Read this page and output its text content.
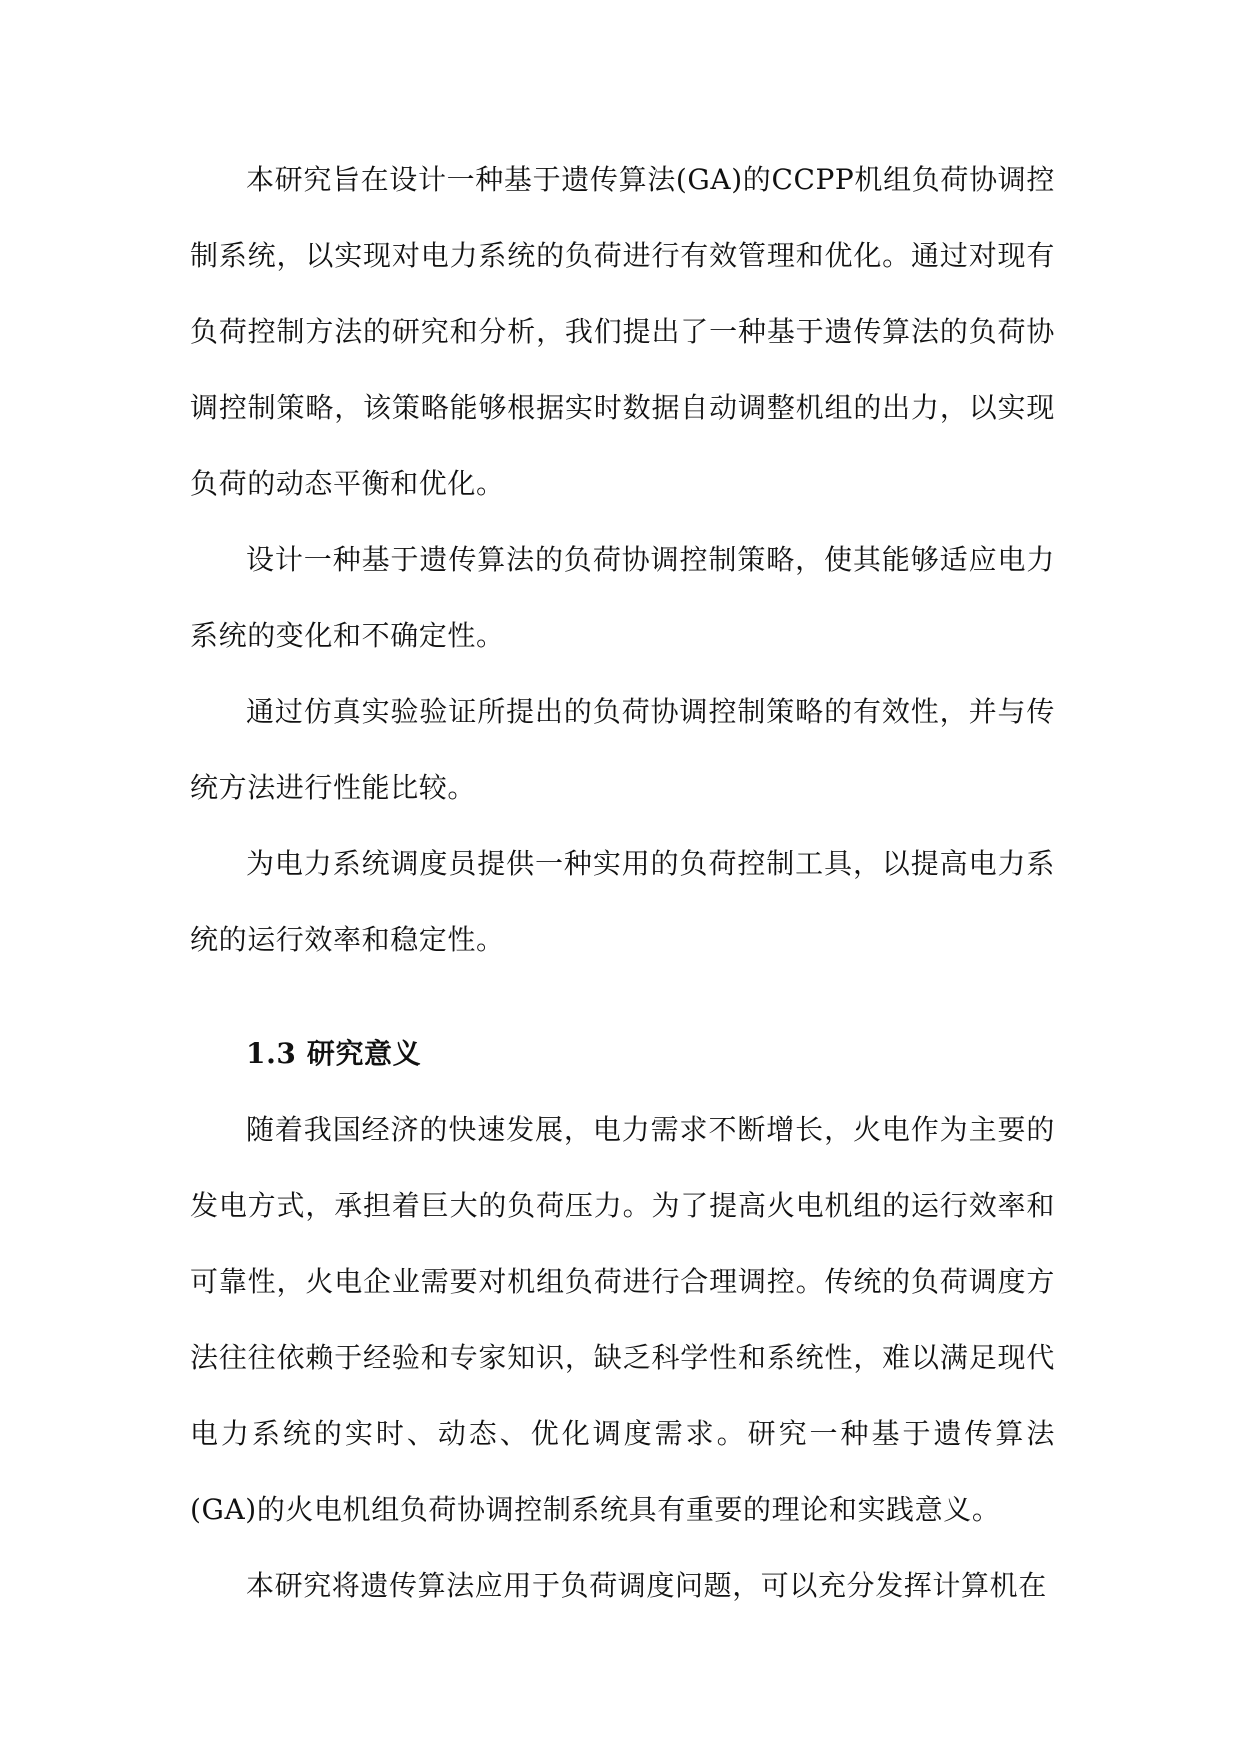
本研究旨在设计一种基于遗传算法(GA)的CCPP机组负荷协调控制系统，以实现对电力系统的负荷进行有效管理和优化。通过对现有负荷控制方法的研究和分析，我们提出了一种基于遗传算法的负荷协调控制策略，该策略能够根据实时数据自动调整机组的出力，以实现负荷的动态平衡和优化。

设计一种基于遗传算法的负荷协调控制策略，使其能够适应电力系统的变化和不确定性。

通过仿真实验验证所提出的负荷协调控制策略的有效性，并与传统方法进行性能比较。

为电力系统调度员提供一种实用的负荷控制工具，以提高电力系统的运行效率和稳定性。

1.3 研究意义

随着我国经济的快速发展，电力需求不断增长，火电作为主要的发电方式，承担着巨大的负荷压力。为了提高火电机组的运行效率和可靠性，火电企业需要对机组负荷进行合理调控。传统的负荷调度方法往往依赖于经验和专家知识，缺乏科学性和系统性，难以满足现代电力系统的实时、动态、优化调度需求。研究一种基于遗传算法(GA)的火电机组负荷协调控制系统具有重要的理论和实践意义。

本研究将遗传算法应用于负荷调度问题，可以充分发挥计算机在
